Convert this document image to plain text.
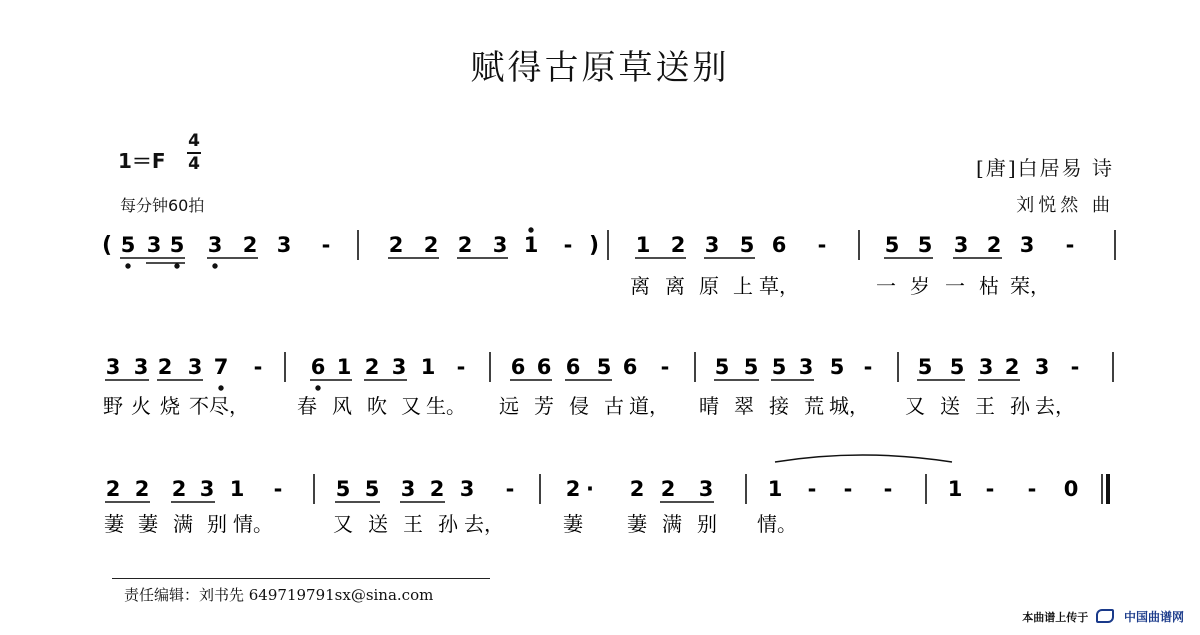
赋得古原草送别
1＝F
4
4
每分钟60拍
[唐]白居易 诗
刘悦然 曲
( 5 3 5 3 2 3 -	2 2 2 3 1 - ) 1 2 3 5 6 -	5 5 3 2 3 -
3 3 2 3 7 - 6 1 2 3 1 - 6 6 6 5 6 - 5 5 5 3 5 - 5 5 3 2 3 -
2 2 2 3 1 -	5 5 3 2 3 - 2 · 2 2 3	1 - - -	1 - - 0
离 离 原 上 草，	一 岁 一 枯 荣，
野 火 烧 不 尽， 春 风 吹 又 生。 远 芳 侵 古 道， 晴 翠 接 荒 城， 又 送 王 孙 去，
萋 萋 满 别 情。	又 送 王 孙 去，	萋 萋 满 别 情。
责任编辑：刘书先 649719791sx@sina.com
本曲谱上传于	中国曲谱网
